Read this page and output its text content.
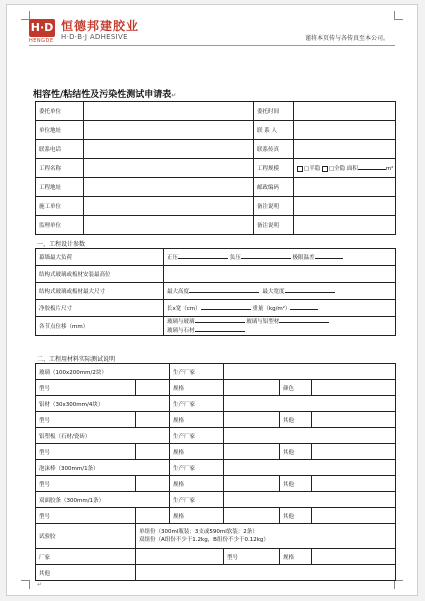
H·D
HENGDE
恒德邦建胶业
H·D·B·J ADHESIVE	谨将本页传与各传真至本公司。
相容性/粘结性及污染性测试申请表↵
委托单位		委托时间	
单位地址		联 系 人	
联系电话		联系传真	
工程名称		工程规模	□半隐 □全隐 面积 m²
工程地址		邮政编码	
施工单位		备注说明	
监理单位		备注说明	
一、工程设计参数
幕墙最大负荷	正压 负压 极限温差
结构式玻璃或板材安装最高位	
结构式玻璃或板材最大尺寸	最大高度 最大宽度
净胶板片尺寸	长x宽（cm） 重量（kg/m²）
各节点位移（mm）	玻璃与玻璃 玻璃与铝型材
玻璃与石材
二、工程用材料实际测试说明
玻璃（100x200mm/2块）		生产厂家			
型号		规格		颜色	
铝材（30x300mm/4块）		生产厂家			
型号		规格		其他	
铝塑板（石材/瓷砖）		生产厂家			
型号		规格		其他	
泡沫棒（300mm/1条）		生产厂家			
型号		规格		其他	
双面胶条（300mm/1条）		生产厂家			
型号		规格		其他	
试验胶	单组份（300ml瓶装：3支或590ml软装：2条）
双组份（A组份不少于1.2kg，B组份不少于0.12kg）				
厂家			型号	规格	
其他					
↵
